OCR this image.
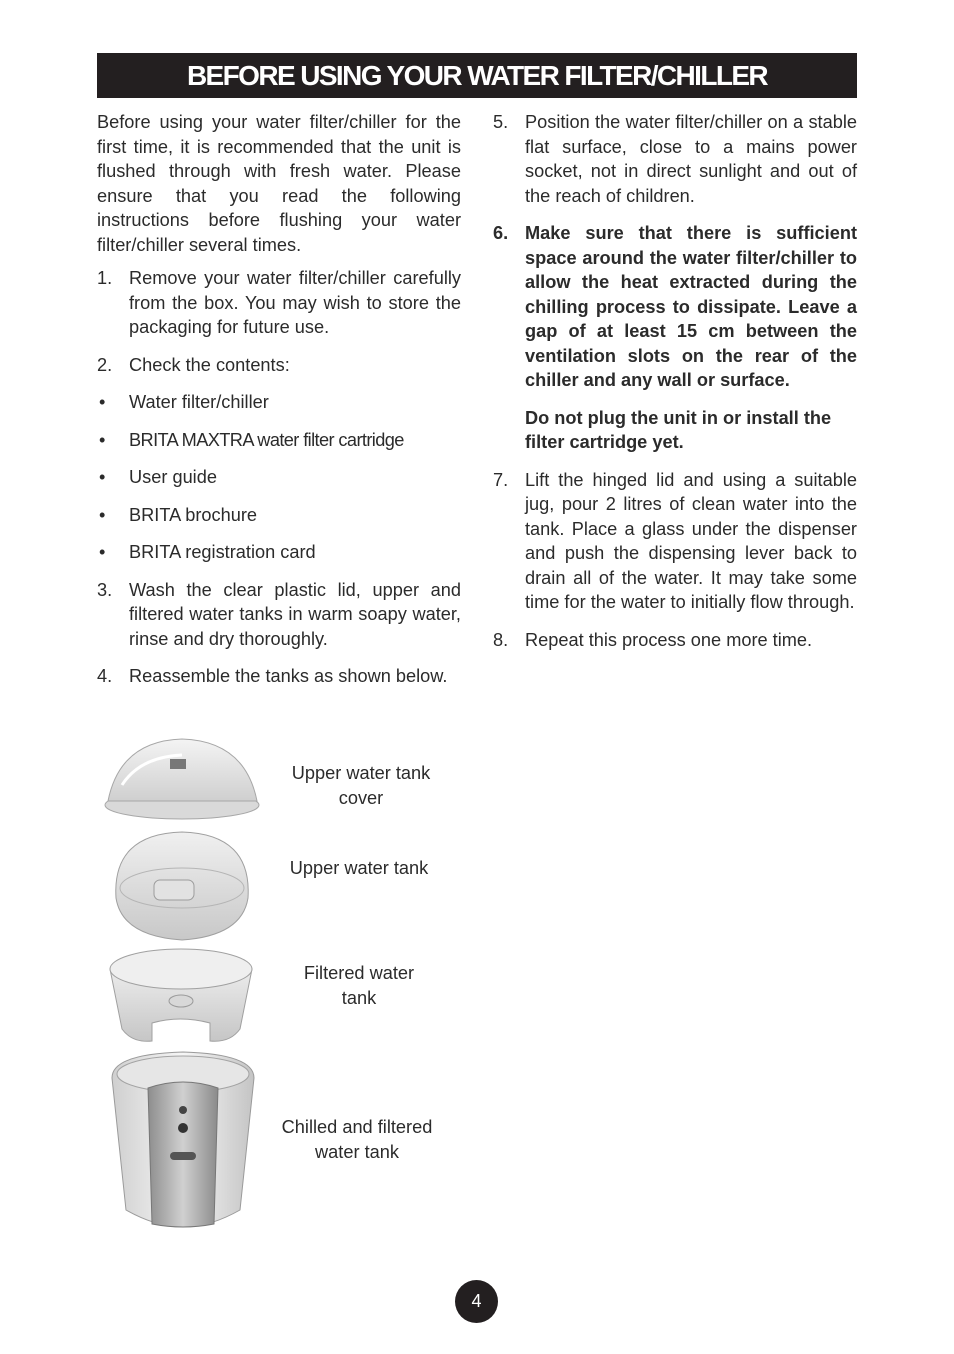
BEFORE USING YOUR WATER FILTER/CHILLER

Before using your water filter/chiller for the first time, it is recommended that the unit is flushed through with fresh water. Please ensure that you read the following instructions before flushing your water filter/chiller several times.

1. Remove your water filter/chiller carefully from the box. You may wish to store the packaging for future use.
2. Check the contents:
•	Water filter/chiller
•	BRITA MAXTRA water filter cartridge
•	User guide
•	BRITA brochure
•	BRITA registration card
3. Wash the clear plastic lid, upper and filtered water tanks in warm soapy water, rinse and dry thoroughly.
4. Reassemble the tanks as shown below.
5. Position the water filter/chiller on a stable flat surface, close to a mains power socket, not in direct sunlight and out of the reach of children.
6. Make sure that there is sufficient space around the water filter/chiller to allow the heat extracted during the chilling process to dissipate. Leave a gap of at least 15 cm between the ventilation slots on the rear of the chiller and any wall or surface.

Do not plug the unit in or install the filter cartridge yet.

7. Lift the hinged lid and using a suitable jug, pour 2 litres of clean water into the tank. Place a glass under the dispenser and push the dispensing lever back to drain all of the water. It may take some time for the water to initially flow through.
8. Repeat this process one more time.
Upper water tank cover
Upper water tank
Filtered water tank
Chilled and filtered water tank
4
